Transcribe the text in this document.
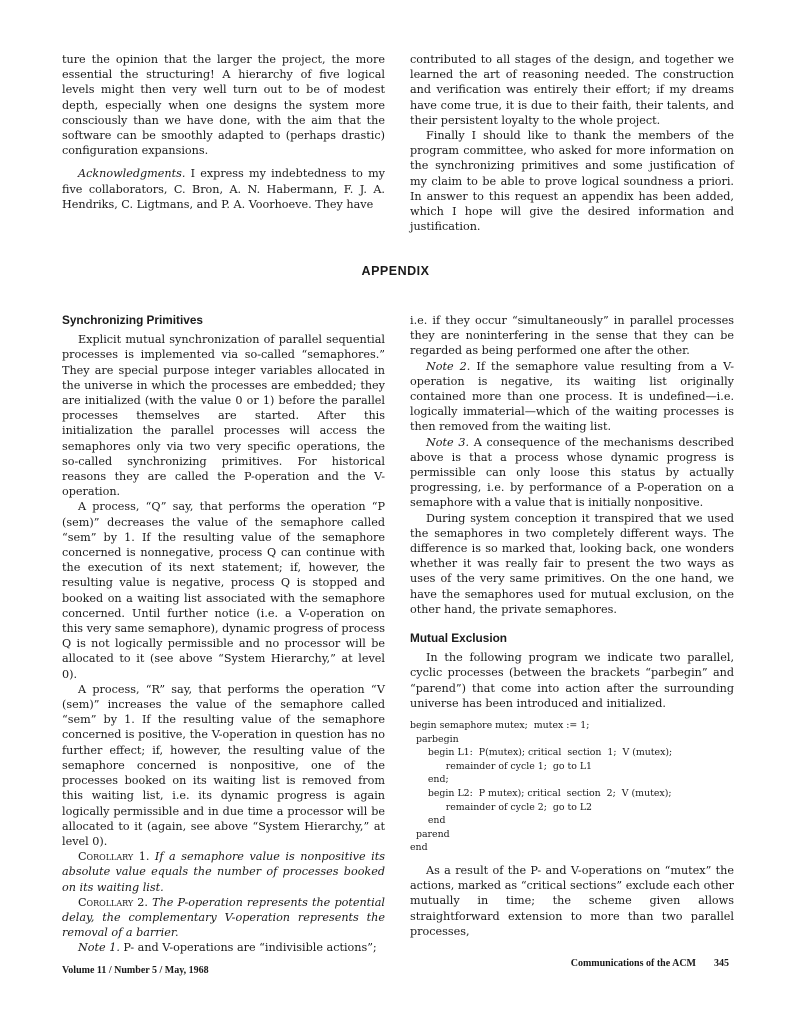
ture the opinion that the larger the project, the more essential the structuring! A hierarchy of five logical levels might then very well turn out to be of modest depth, especially when one designs the system more consciously than we have done, with the aim that the software can be smoothly adapted to (perhaps drastic) configuration expansions.

Acknowledgments. I express my indebtedness to my five collaborators, C. Bron, A. N. Habermann, F. J. A. Hendriks, C. Ligtmans, and P. A. Voorhoeve. They have

contributed to all stages of the design, and together we learned the art of reasoning needed. The construction and verification was entirely their effort; if my dreams have come true, it is due to their faith, their talents, and their persistent loyalty to the whole project.

Finally I should like to thank the members of the program committee, who asked for more information on the synchronizing primitives and some justification of my claim to be able to prove logical soundness a priori. In answer to this request an appendix has been added, which I hope will give the desired information and justification.

APPENDIX
Synchronizing Primitives

Explicit mutual synchronization of parallel sequential processes is implemented via so-called “semaphores.” They are special purpose integer variables allocated in the universe in which the processes are embedded; they are initialized (with the value 0 or 1) before the parallel processes themselves are started. After this initialization the parallel processes will access the semaphores only via two very specific operations, the so-called synchronizing primitives. For historical reasons they are called the P-operation and the V-operation.

A process, “Q” say, that performs the operation “P (sem)” decreases the value of the semaphore called “sem” by 1. If the resulting value of the semaphore concerned is nonnegative, process Q can continue with the execution of its next statement; if, however, the resulting value is negative, process Q is stopped and booked on a waiting list associated with the semaphore concerned. Until further notice (i.e. a V-operation on this very same semaphore), dynamic progress of process Q is not logically permissible and no processor will be allocated to it (see above “System Hierarchy,” at level 0).

A process, “R” say, that performs the operation “V (sem)” increases the value of the semaphore called “sem” by 1. If the resulting value of the semaphore concerned is positive, the V-operation in question has no further effect; if, however, the resulting value of the semaphore concerned is nonpositive, one of the processes booked on its waiting list is removed from this waiting list, i.e. its dynamic progress is again logically permissible and in due time a processor will be allocated to it (again, see above “System Hierarchy,” at level 0).

Corollary 1. If a semaphore value is nonpositive its absolute value equals the number of processes booked on its waiting list.

Corollary 2. The P-operation represents the potential delay, the complementary V-operation represents the removal of a barrier.

Note 1. P- and V-operations are “indivisible actions”;

i.e. if they occur “simultaneously” in parallel processes they are noninterfering in the sense that they can be regarded as being performed one after the other.

Note 2. If the semaphore value resulting from a V-operation is negative, its waiting list originally contained more than one process. It is undefined—i.e. logically immaterial—which of the waiting processes is then removed from the waiting list.

Note 3. A consequence of the mechanisms described above is that a process whose dynamic progress is permissible can only loose this status by actually progressing, i.e. by performance of a P-operation on a semaphore with a value that is initially nonpositive.

During system conception it transpired that we used the semaphores in two completely different ways. The difference is so marked that, looking back, one wonders whether it was really fair to present the two ways as uses of the very same primitives. On the one hand, we have the semaphores used for mutual exclusion, on the other hand, the private semaphores.

Mutual Exclusion

In the following program we indicate two parallel, cyclic processes (between the brackets “parbegin” and “parend”) that come into action after the surrounding universe has been introduced and initialized.

begin semaphore mutex;  mutex := 1;
parbegin
begin L1:  P(mutex); critical  section  1;  V (mutex);
remainder of cycle 1;  go to L1
end;
begin L2:  P mutex); critical  section  2;  V (mutex);
remainder of cycle 2;  go to L2
end
parend
end

As a result of the P- and V-operations on “mutex” the actions, marked as “critical sections” exclude each other mutually in time; the scheme given allows straightforward extension to more than two parallel processes,

Volume 11 / Number 5 / May, 1968
Communications of the ACM 345
